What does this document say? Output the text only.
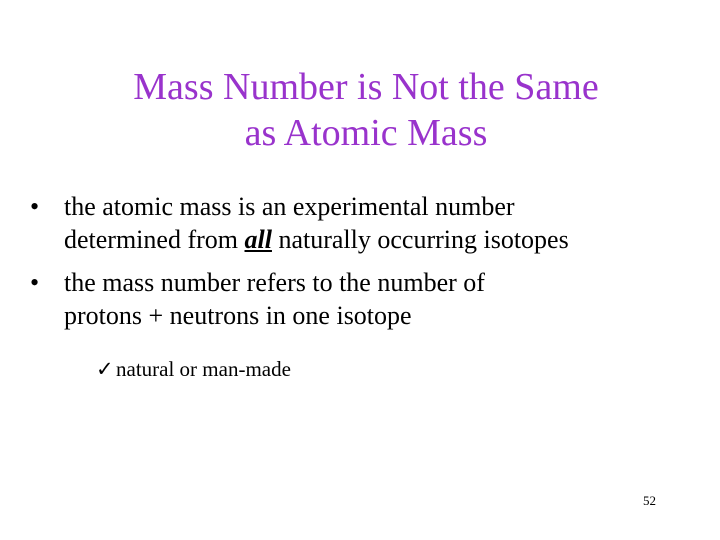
Mass Number is Not the Same
as Atomic Mass
• the atomic mass is an experimental number
determined from all naturally occurring isotopes
• the mass number refers to the number of
protons + neutrons in one isotope
✓ natural or man-made
52
